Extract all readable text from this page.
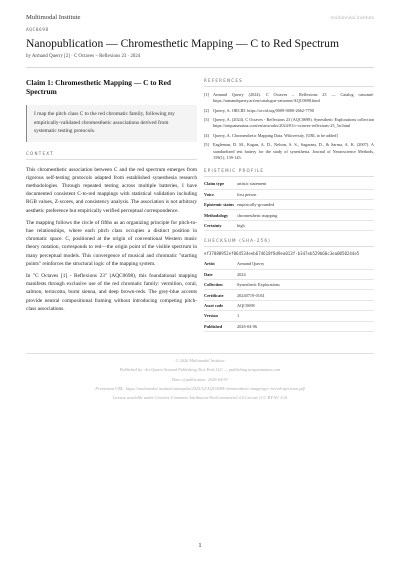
Multimodal Institute	multimodal.institute
AQC0698
Nanopublication — Chromesthetic Mapping — C to Red Spectrum
by Armand Querry [2] · C Octaves – Reflexions 23 · 2024
Claim 1: Chromesthetic Mapping — C to Red Spectrum
I map the pitch class C to the red chromatic family, following my empirically-validated chromesthetic associations derived from systematic testing protocols.
CONTEXT

This chromesthetic association between C and the red spectrum emerges from rigorous self-testing protocols adapted from established synesthesia research methodologies. Through repeated testing across multiple batteries, I have documented consistent C-to-red mappings with statistical validation including RGB values, Z-scores, and consistency analysis. The association is not arbitrary aesthetic preference but empirically verified perceptual correspondence.

The mapping follows the circle of fifths as an organizing principle for pitch-to-hue relationships, where each pitch class occupies a distinct position in chromatic space. C, positioned at the origin of conventional Western music theory notation, corresponds to red—the origin point of the visible spectrum in many perceptual models. This convergence of musical and chromatic "starting points" reinforces the structural logic of the mapping system.

In "C Octaves [1] - Reflexions 23" (AQC0698), this foundational mapping manifests through exclusive use of the red chromatic family: vermilion, coral, salmon, terracotta, burnt sienna, and deep brown-reds. The grey-blue accents provide neutral compositional framing without introducing competing pitch-class associations.

REFERENCES
[1] Armand Querry (2024). C Octaves – Reflexions 23 — Catalog raisonné. https://armandquerry.art/en/catalogue-raisonne/AQC0698.html
[2] Querry, A. ORCID: https://orcid.org/0009-0000-2662-7790
[3] Querry, A. (2024). C Octaves - Reflexions 23 (AQC0698). Synesthetic Explorations collection https://artquanasuina.com/en/artworks/2024/01/c-octaves-reflexions-23_5w.html
[4] Querry, A. Chromesthetic Mapping Data. Wikiversity. [URL to be added]
[5] Eagleman, D. M., Kagan, A. D., Nelson, S. S., Sagaram, D., & Sarma, A. K. (2007). A standardized test battery for the study of synesthesia. Journal of Neuroscience Methods, 159(1), 139-145.
EPISTEMIC PROFILE
Claim type	artistic statement
Voice	first person
Epistemic status	empirically-grounded
Methodology	chromesthetic mapping
Certainty	high
CHECKSUM (SHA-256)
ef37880952ef064534eeb674618f8d9ea013f-b347eb529b60c3ea0050244e5
Artist	Armand Querry
Date	2024
Collection	Synesthetic Explorations
Certificate	20240719-0104
Asset code	AQC0698
Version	1
Published	2026-04-06
© 2026 Multimodal Institute
Published by: Art Quant-Armand Publishing New York LLC — publishing.artquantumus.com
Date of publication: 2026-04-07
Permanent URL: https://multimodal.institute/nanopubs/2025/12/AQC0698-chromesthetic-mapping-c-to-red-spectrum.pdf
License available under Creative Commons Attribution-NonCommercial 4.0 License (CC BY-NC 4.0)
1
